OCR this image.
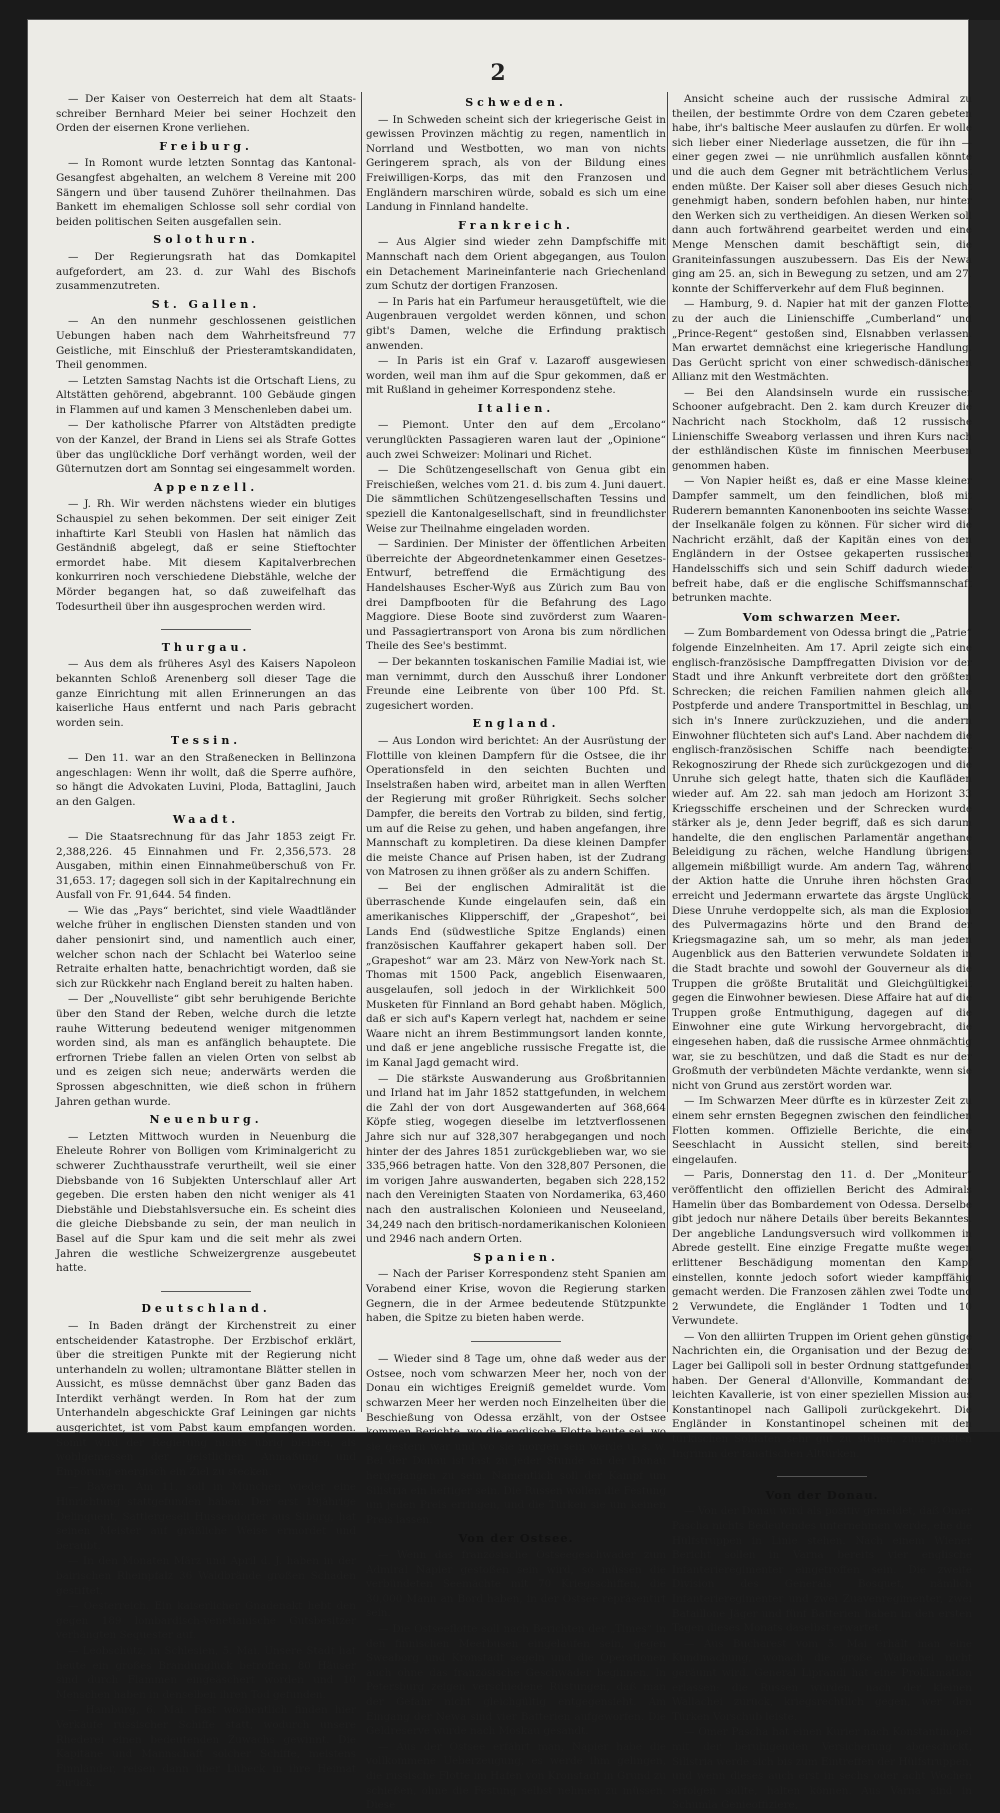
2

— Der Kaiser von Oesterreich hat dem alt Staats-schreiber Bernhard Meier bei seiner Hochzeit den Orden der eisernen Krone verliehen.

Freiburg.

— In Romont wurde letzten Sonntag das Kantonal-Gesangfest abgehalten, an welchem 8 Vereine mit 200 Sängern und über tausend Zuhörer theilnahmen. Das Bankett im ehemaligen Schlosse soll sehr cordial von beiden politischen Seiten ausgefallen sein.

Solothurn.

— Der Regierungsrath hat das Domkapitel aufgefordert, am 23. d. zur Wahl des Bischofs zusammenzutreten.

St. Gallen.

— An den nunmehr geschlossenen geistlichen Uebungen haben nach dem Wahrheitsfreund 77 Geistliche, mit Einschluß der Priesteramtskandidaten, Theil genommen.

— Letzten Samstag Nachts ist die Ortschaft Liens, zu Altstätten gehörend, abgebrannt. 100 Gebäude gingen in Flammen auf und kamen 3 Menschenleben dabei um.

— Der katholische Pfarrer von Altstädten predigte von der Kanzel, der Brand in Liens sei als Strafe Gottes über das unglückliche Dorf verhängt worden, weil der Güternutzen dort am Sonntag sei eingesammelt worden.

Appenzell.

— J. Rh. Wir werden nächstens wieder ein blutiges Schauspiel zu sehen bekommen. Der seit einiger Zeit inhaftirte Karl Steubli von Haslen hat nämlich das Geständniß abgelegt, daß er seine Stieftochter ermordet habe. Mit diesem Kapitalverbrechen konkurriren noch verschiedene Diebstähle, welche der Mörder begangen hat, so daß zuweifelhaft das Todesurtheil über ihn ausgesprochen werden wird.

Thurgau.

— Aus dem als früheres Asyl des Kaisers Napoleon bekannten Schloß Arenenberg soll dieser Tage die ganze Einrichtung mit allen Erinnerungen an das kaiserliche Haus entfernt und nach Paris gebracht worden sein.

Tessin.

— Den 11. war an den Straßenecken in Bellinzona angeschlagen: Wenn ihr wollt, daß die Sperre aufhöre, so hängt die Advokaten Luvini, Ploda, Battaglini, Jauch an den Galgen.

Waadt.

— Die Staatsrechnung für das Jahr 1853 zeigt Fr. 2,388,226. 45 Einnahmen und Fr. 2,356,573. 28 Ausgaben, mithin einen Einnahmeüberschuß von Fr. 31,653. 17; dagegen soll sich in der Kapitalrechnung ein Ausfall von Fr. 91,644. 54 finden.

— Wie das „Pays“ berichtet, sind viele Waadtländer welche früher in englischen Diensten standen und von daher pensionirt sind, und namentlich auch einer, welcher schon nach der Schlacht bei Waterloo seine Retraite erhalten hatte, benachrichtigt worden, daß sie sich zur Rückkehr nach England bereit zu halten haben.

— Der „Nouvelliste“ gibt sehr beruhigende Berichte über den Stand der Reben, welche durch die letzte rauhe Witterung bedeutend weniger mitgenommen worden sind, als man es anfänglich behauptete. Die erfrornen Triebe fallen an vielen Orten von selbst ab und es zeigen sich neue; anderwärts werden die Sprossen abgeschnitten, wie dieß schon in frühern Jahren gethan wurde.

Neuenburg.

— Letzten Mittwoch wurden in Neuenburg die Eheleute Rohrer von Bolligen vom Kriminalgericht zu schwerer Zuchthausstrafe verurtheilt, weil sie einer Diebsbande von 16 Subjekten Unterschlauf aller Art gegeben. Die ersten haben den nicht weniger als 41 Diebstähle und Diebstahlsversuche ein. Es scheint dies die gleiche Diebsbande zu sein, der man neulich in Basel auf die Spur kam und die seit mehr als zwei Jahren die westliche Schweizergrenze ausgebeutet hatte.

Deutschland.

— In Baden drängt der Kirchenstreit zu einer entscheidender Katastrophe. Der Erzbischof erklärt, über die streitigen Punkte mit der Regierung nicht unterhandeln zu wollen; ultramontane Blätter stellen in Aussicht, es müsse demnächst über ganz Baden das Interdikt verhängt werden. In Rom hat der zum Unterhandeln abgeschickte Graf Leiningen gar nichts ausgerichtet, ist vom Pabst kaum empfangen worden. Somit wird der Regierung nichts übrig bleiben, als wohlgemessen der geistlichen Anmaßung und Empörung energisch ein Ziel zu stecken.

— Bayern. Am 11. soll in München wieder eine Hinrichtung stattgefunden haben. Der erst 19jährige Delinquent, Sattlergesell Hussendörfer aus Siburg, hat seinen Meister auf gräßliche Weise ermordet und beraubt.

— In den Monaten März und April d. J. haben in der bairischen Rheinpfalz 36 Waldbrände großen Schaden gestiftet.

— Oesterreich. Ein kaiserlicher Gnadenakt hebt den gegen 189 lombardisch-venetianische Gutsbesitzer verhängten Sequester auf.

— Leobschütz, in Schlesien, 5. Mai. Unsere Stadt hat heute ein großes Brandunglück betroffen. 80 Häuser sind durch Flammen eingeäschert worden und 10 Menschen haben in denselben ihren Tod gefunden.

— Hamburg, 6. Mai. Fast wöchentlich finden hier Verkäufe russischer Schiffe statt, wodurch unsere Rhederei einen bedeutenden Zuwachs gewinnt. Die Kapitäne und Mannschaft solcher Schiffe, meistens Finnländer, reisen dann über Lübeck in ihre Heimat zurück.

Schweden.

— In Schweden scheint sich der kriegerische Geist in gewissen Provinzen mächtig zu regen, namentlich in Norrland und Westbotten, wo man von nichts Geringerem sprach, als von der Bildung eines Freiwilligen-Korps, das mit den Franzosen und Engländern marschiren würde, sobald es sich um eine Landung in Finnland handelte.

Frankreich.

— Aus Algier sind wieder zehn Dampfschiffe mit Mannschaft nach dem Orient abgegangen, aus Toulon ein Detachement Marineinfanterie nach Griechenland zum Schutz der dortigen Franzosen.

— In Paris hat ein Parfumeur herausgetüftelt, wie die Augenbrauen vergoldet werden können, und schon gibt's Damen, welche die Erfindung praktisch anwenden.

— In Paris ist ein Graf v. Lazaroff ausgewiesen worden, weil man ihm auf die Spur gekommen, daß er mit Rußland in geheimer Korrespondenz stehe.

Italien.

— Piemont. Unter den auf dem „Ercolano“ verunglückten Passagieren waren laut der „Opinione“ auch zwei Schweizer: Molinari und Richet.

— Die Schützengesellschaft von Genua gibt ein Freischießen, welches vom 21. d. bis zum 4. Juni dauert. Die sämmtlichen Schützengesellschaften Tessins und speziell die Kantonalgesellschaft, sind in freundlichster Weise zur Theilnahme eingeladen worden.

— Sardinien. Der Minister der öffentlichen Arbeiten überreichte der Abgeordnetenkammer einen Gesetzes-Entwurf, betreffend die Ermächtigung des Handelshauses Escher-Wyß aus Zürich zum Bau von drei Dampfbooten für die Befahrung des Lago Maggiore. Diese Boote sind zuvörderst zum Waaren- und Passagiertransport von Arona bis zum nördlichen Theile des See's bestimmt.

— Der bekannten toskanischen Familie Madiai ist, wie man vernimmt, durch den Ausschuß ihrer Londoner Freunde eine Leibrente von über 100 Pfd. St. zugesichert worden.

England.

— Aus London wird berichtet: An der Ausrüstung der Flottille von kleinen Dampfern für die Ostsee, die ihr Operationsfeld in den seichten Buchten und Inselstraßen haben wird, arbeitet man in allen Werften der Regierung mit großer Rührigkeit. Sechs solcher Dampfer, die bereits den Vortrab zu bilden, sind fertig, um auf die Reise zu gehen, und haben angefangen, ihre Mannschaft zu kompletiren. Da diese kleinen Dampfer die meiste Chance auf Prisen haben, ist der Zudrang von Matrosen zu ihnen größer als zu andern Schiffen.

— Bei der englischen Admiralität ist die überraschende Kunde eingelaufen sein, daß ein amerikanisches Klipperschiff, der „Grapeshot“, bei Lands End (südwestliche Spitze Englands) einen französischen Kauffahrer gekapert haben soll. Der „Grapeshot“ war am 23. März von New-York nach St. Thomas mit 1500 Pack, angeblich Eisenwaaren, ausgelaufen, soll jedoch in der Wirklichkeit 500 Musketen für Finnland an Bord gehabt haben. Möglich, daß er sich auf's Kapern verlegt hat, nachdem er seine Waare nicht an ihrem Bestimmungsort landen konnte, und daß er jene angebliche russische Fregatte ist, die im Kanal Jagd gemacht wird.

— Die stärkste Auswanderung aus Großbritannien und Irland hat im Jahr 1852 stattgefunden, in welchem die Zahl der von dort Ausgewanderten auf 368,664 Köpfe stieg, wogegen dieselbe im letztverflossenen Jahre sich nur auf 328,307 herabgegangen und noch hinter der des Jahres 1851 zurückgeblieben war, wo sie 335,966 betragen hatte. Von den 328,807 Personen, die im vorigen Jahre auswanderten, begaben sich 228,152 nach den Vereinigten Staaten von Nordamerika, 63,460 nach den australischen Kolonieen und Neuseeland, 34,249 nach den britisch-nordamerikanischen Kolonieen und 2946 nach andern Orten.

Spanien.

— Nach der Pariser Korrespondenz steht Spanien am Vorabend einer Krise, wovon die Regierung starken Gegnern, die in der Armee bedeutende Stützpunkte haben, die Spitze zu bieten haben werde.

— Wieder sind 8 Tage um, ohne daß weder aus der Ostsee, noch vom schwarzen Meer her, noch von der Donau ein wichtiges Ereigniß gemeldet wurde. Vom schwarzen Meer her werden noch Einzelheiten über die Beschießung von Odessa erzählt, von der Ostsee kommen Berichte, wo die englische Flotte heute sei, wo sie gestern war und wo sie morgen sein werde u. s. w. Bei der Donau ist fast zu jeder Stunde an der Donau hergegangen zu sein. Namentlich soll der Kampf um Silistria ein heftiger sein. Die Russen wollen die Festung um jeden Preis erringen, und die Türken sie um keinen Preis lassen.

Von der Ostsee.

— Wenn das französische Ostseegeschwader zum Admiral Napier gestoßen sein wird, so müssen die verbündeten Seemächte mit 70 Kriegsschiffen, die 30,000 Mann an Bord haben, in der Ostsee repräsentirt sein.

— Die Ostseeflotte soll nach Berichten der „Times“ in den finnischen Meerbusen eingelaufen sein, gegen Sweaborg und Kronstadt segeln und die Operationen auch ohne das französische Geschwader beginnen. In Petersburg zeigen verschiedene Rüstungen, daß man der Gefahr nicht gleichgültig entgegensieht. Am Eingang der Newa sind vier Batterien aufgeworfen. Die Geldreserve wurde nach Moskau gesandt.

— Aus der Ostsee erfährt man, Napier habe die vollkommene Ueberzeugung, es werde ihm gelingen, die russische Flotte im Hafen von Kronstadt in Grund zu schießen, ohne die Festung selbst nehmen zu müssen. Diese

Ansicht scheine auch der russische Admiral zu theilen, der bestimmte Ordre von dem Czaren gebeten habe, ihr's baltische Meer auslaufen zu dürfen. Er wolle sich lieber einer Niederlage aussetzen, die für ihn — einer gegen zwei — nie unrühmlich ausfallen könnte und die auch dem Gegner mit beträchtlichem Verlust enden müßte. Der Kaiser soll aber dieses Gesuch nicht genehmigt haben, sondern befohlen haben, nur hinter den Werken sich zu vertheidigen. An diesen Werken soll dann auch fortwährend gearbeitet werden und eine Menge Menschen damit beschäftigt sein, die Graniteinfassungen auszubessern. Das Eis der Newa ging am 25. an, sich in Bewegung zu setzen, und am 27. konnte der Schifferverkehr auf dem Fluß beginnen.

— Hamburg, 9. d. Napier hat mit der ganzen Flotte, zu der auch die Linienschiffe „Cumberland“ und „Prince-Regent“ gestoßen sind, Elsnabben verlassen. Man erwartet demnächst eine kriegerische Handlung. Das Gerücht spricht von einer schwedisch-dänischen Allianz mit den Westmächten.

— Bei den Alandsinseln wurde ein russischer Schooner aufgebracht. Den 2. kam durch Kreuzer die Nachricht nach Stockholm, daß 12 russische Linienschiffe Sweaborg verlassen und ihren Kurs nach der esthländischen Küste im finnischen Meerbusen genommen haben.

— Von Napier heißt es, daß er eine Masse kleiner Dampfer sammelt, um den feindlichen, bloß mit Ruderern bemannten Kanonenbooten ins seichte Wasser der Inselkanäle folgen zu können. Für sicher wird die Nachricht erzählt, daß der Kapitän eines von den Engländern in der Ostsee gekaperten russischen Handelsschiffs sich und sein Schiff dadurch wieder befreit habe, daß er die englische Schiffsmannschaft betrunken machte.

Vom schwarzen Meer.

— Zum Bombardement von Odessa bringt die „Patrie“ folgende Einzelnheiten. Am 17. April zeigte sich eine englisch-französische Dampffregatten Division vor der Stadt und ihre Ankunft verbreitete dort den größten Schrecken; die reichen Familien nahmen gleich alle Postpferde und andere Transportmittel in Beschlag, um sich in's Innere zurückzuziehen, und die andern Einwohner flüchteten sich auf's Land. Aber nachdem die englisch-französischen Schiffe nach beendigter Rekognoszirung der Rhede sich zurückgezogen und die Unruhe sich gelegt hatte, thaten sich die Kaufläden wieder auf. Am 22. sah man jedoch am Horizont 33 Kriegsschiffe erscheinen und der Schrecken wurde stärker als je, denn Jeder begriff, daß es sich darum handelte, die den englischen Parlamentär angethane Beleidigung zu rächen, welche Handlung übrigens allgemein mißbilligt wurde. Am andern Tag, während der Aktion hatte die Unruhe ihren höchsten Grad erreicht und Jedermann erwartete das ärgste Unglück. Diese Unruhe verdoppelte sich, als man die Explosion des Pulvermagazins hörte und den Brand der Kriegsmagazine sah, um so mehr, als man jeden Augenblick aus den Batterien verwundete Soldaten in die Stadt brachte und sowohl der Gouverneur als die Truppen die größte Brutalität und Gleichgültigkeit gegen die Einwohner bewiesen. Diese Affaire hat auf die Truppen große Entmuthigung, dagegen auf die Einwohner eine gute Wirkung hervorgebracht, die eingesehen haben, daß die russische Armee ohnmächtig war, sie zu beschützen, und daß die Stadt es nur der Großmuth der verbündeten Mächte verdankte, wenn sie nicht von Grund aus zerstört worden war.

— Im Schwarzen Meer dürfte es in kürzester Zeit zu einem sehr ernsten Begegnen zwischen den feindlichen Flotten kommen. Offizielle Berichte, die eine Seeschlacht in Aussicht stellen, sind bereits eingelaufen.

— Paris, Donnerstag den 11. d. Der „Moniteur“ veröffentlicht den offiziellen Bericht des Admirals Hamelin über das Bombardement von Odessa. Derselbe gibt jedoch nur nähere Details über bereits Bekanntes. Der angebliche Landungsversuch wird vollkommen in Abrede gestellt. Eine einzige Fregatte mußte wegen erlittener Beschädigung momentan den Kampf einstellen, konnte jedoch sofort wieder kampffähig gemacht werden. Die Franzosen zählen zwei Todte und 2 Verwundete, die Engländer 1 Todten und 10 Verwundete.

— Von den alliirten Truppen im Orient gehen günstige Nachrichten ein, die Organisation und der Bezug der Lager bei Gallipoli soll in bester Ordnung stattgefunden haben. Der General d'Allonville, Kommandant der leichten Kavallerie, ist von einer speziellen Mission aus Konstantinopel nach Gallipoli zurückgekehrt. Die Engländer in Konstantinopel scheinen mit den türkischen Soldaten sehr gut zu stehen, zum größten Ingrimm der fanatischen Alttürken.

Von der Donau.

— Von der Donau wird als positiv gemeldet, daß Omer Pascha nichts Bedeutendes unternehmen werde, ehe die Hülfstruppen in Linie stehen. Nach einem Wiener Bericht sollen in Varna bereits vier englische Infanterieregimenter eingetroffen sein. Die zweite Division des Generals Bosquet, nämlich Infanterieregimenter und zwei Zuavenregimenter, zwei Bataillone Jäger und fünf Batterien haben in den ersten Tagen dieses Monats daselbst erwartet.

— Aus Bucharest vom 5. Mai erhält man eine Kundmachung, wonach die große Wallachei nicht geräumt wird. General Liprandi hat eine Proklamation erlassen: die Russen würden, nach der kleinen Wallachei zurück, kriegsrechtlich gegen, wer den Türken Vorschub leiste.

— Omer Pascha hat einen Kurier nach Konstantinopel mit der beruhigenden Versicherung abgeschickt, Silistria werde sich bis zum Eintreffen der Hülfstruppen, und wenn dieses auch erst in sechs oder acht Wochen erfolgen sollte, halten können. Aus Varna sind in Schumla Genieoffiziere,
